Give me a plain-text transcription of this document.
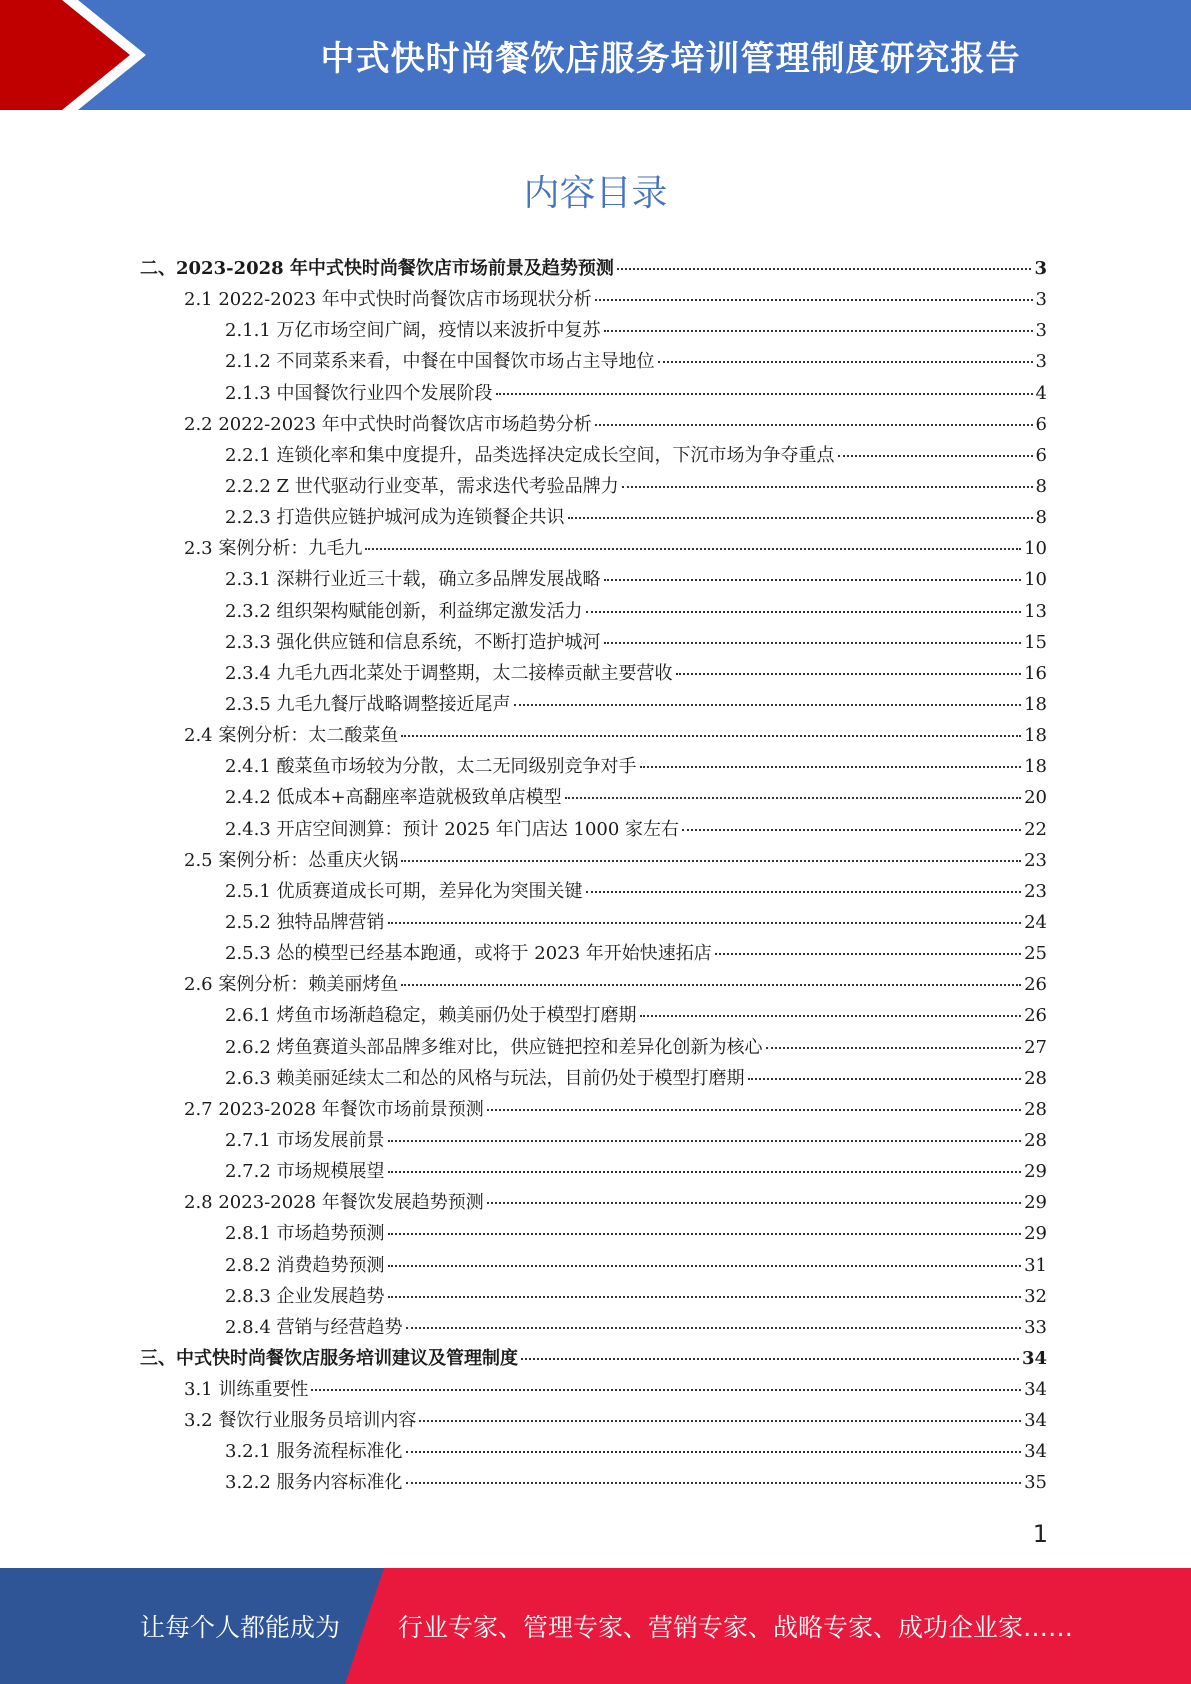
中式快时尚餐饮店服务培训管理制度研究报告
内容目录
二、2023-2028 年中式快时尚餐饮店市场前景及趋势预测	3
2.1 2022-2023 年中式快时尚餐饮店市场现状分析	3
2.1.1 万亿市场空间广阔，疫情以来波折中复苏	3
2.1.2 不同菜系来看，中餐在中国餐饮市场占主导地位	3
2.1.3 中国餐饮行业四个发展阶段	4
2.2 2022-2023 年中式快时尚餐饮店市场趋势分析	6
2.2.1 连锁化率和集中度提升，品类选择决定成长空间，下沉市场为争夺重点	6
2.2.2 Z 世代驱动行业变革，需求迭代考验品牌力	8
2.2.3 打造供应链护城河成为连锁餐企共识	8
2.3 案例分析：九毛九	10
2.3.1 深耕行业近三十载，确立多品牌发展战略	10
2.3.2 组织架构赋能创新，利益绑定激发活力	13
2.3.3 强化供应链和信息系统，不断打造护城河	15
2.3.4 九毛九西北菜处于调整期，太二接棒贡献主要营收	16
2.3.5 九毛九餐厅战略调整接近尾声	18
2.4 案例分析：太二酸菜鱼	18
2.4.1 酸菜鱼市场较为分散，太二无同级别竞争对手	18
2.4.2 低成本+高翻座率造就极致单店模型	20
2.4.3 开店空间测算：预计 2025 年门店达 1000 家左右	22
2.5 案例分析：怂重庆火锅	23
2.5.1 优质赛道成长可期，差异化为突围关键	23
2.5.2 独特品牌营销	24
2.5.3 怂的模型已经基本跑通，或将于 2023 年开始快速拓店	25
2.6 案例分析：赖美丽烤鱼	26
2.6.1 烤鱼市场渐趋稳定，赖美丽仍处于模型打磨期	26
2.6.2 烤鱼赛道头部品牌多维对比，供应链把控和差异化创新为核心	27
2.6.3 赖美丽延续太二和怂的风格与玩法，目前仍处于模型打磨期	28
2.7 2023-2028 年餐饮市场前景预测	28
2.7.1 市场发展前景	28
2.7.2 市场规模展望	29
2.8 2023-2028 年餐饮发展趋势预测	29
2.8.1 市场趋势预测	29
2.8.2 消费趋势预测	31
2.8.3 企业发展趋势	32
2.8.4 营销与经营趋势	33
三、中式快时尚餐饮店服务培训建议及管理制度	34
3.1 训练重要性	34
3.2 餐饮行业服务员培训内容	34
3.2.1 服务流程标准化	34
3.2.2 服务内容标准化	35
1
让每个人都能成为 行业专家、管理专家、营销专家、战略专家、成功企业家……
